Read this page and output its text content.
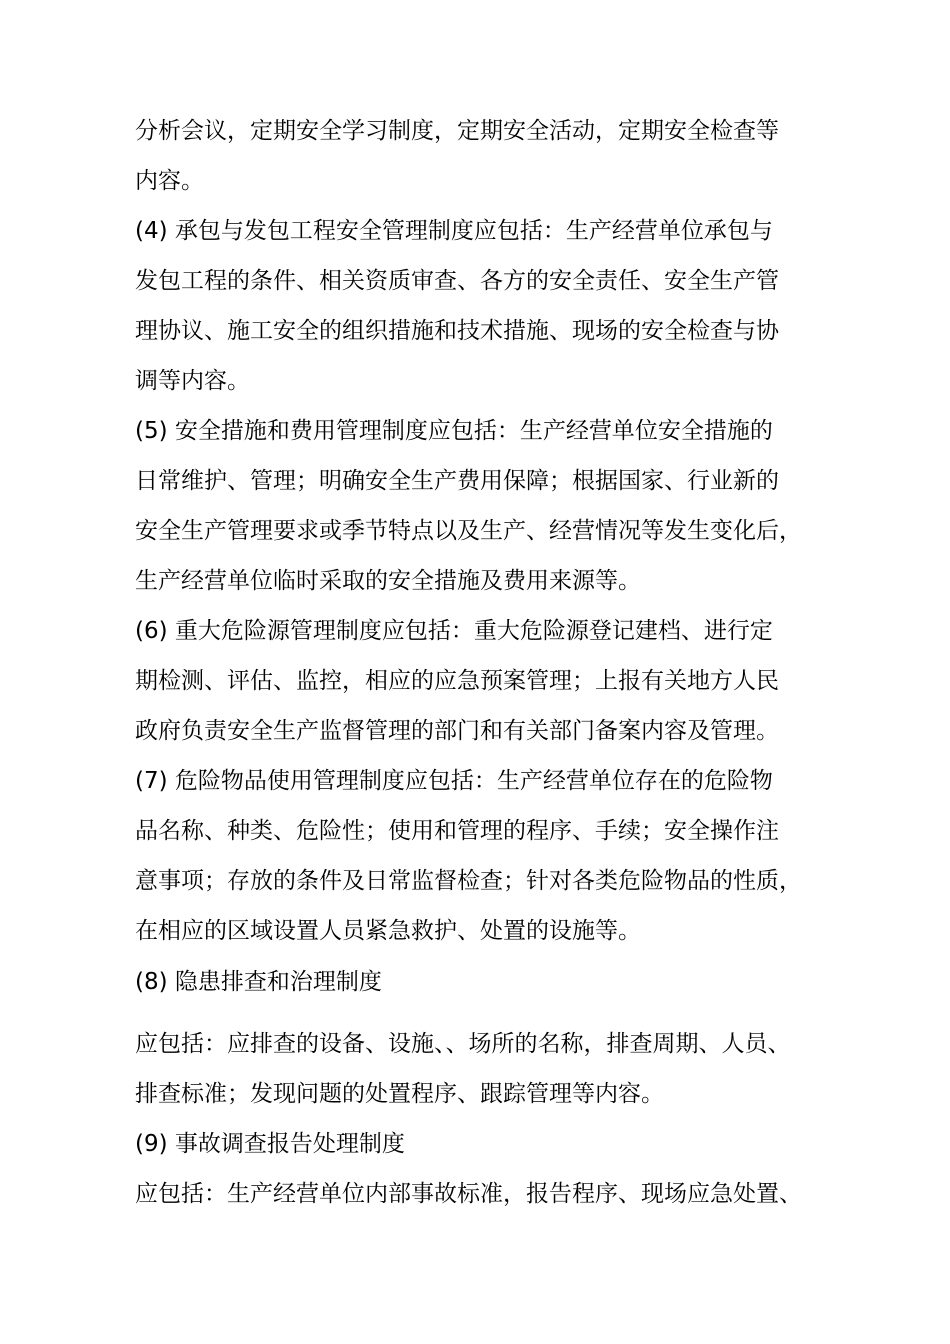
分析会议，定期安全学习制度，定期安全活动，定期安全检查等
内容。
(4) 承包与发包工程安全管理制度应包括：生产经营单位承包与
发包工程的条件、相关资质审查、各方的安全责任、安全生产管
理协议、施工安全的组织措施和技术措施、现场的安全检查与协
调等内容。
(5) 安全措施和费用管理制度应包括：生产经营单位安全措施的
日常维护、管理；明确安全生产费用保障；根据国家、行业新的
安全生产管理要求或季节特点以及生产、经营情况等发生变化后，
生产经营单位临时采取的安全措施及费用来源等。
(6) 重大危险源管理制度应包括：重大危险源登记建档、进行定
期检测、评估、监控，相应的应急预案管理；上报有关地方人民
政府负责安全生产监督管理的部门和有关部门备案内容及管理。
(7) 危险物品使用管理制度应包括：生产经营单位存在的危险物
品名称、种类、危险性；使用和管理的程序、手续；安全操作注
意事项；存放的条件及日常监督检查；针对各类危险物品的性质，
在相应的区域设置人员紧急救护、处置的设施等。
(8) 隐患排查和治理制度
应包括：应排查的设备、设施、、场所的名称，排查周期、人员、
排查标准；发现问题的处置程序、跟踪管理等内容。
(9) 事故调查报告处理制度
应包括：生产经营单位内部事故标准，报告程序、现场应急处置、
